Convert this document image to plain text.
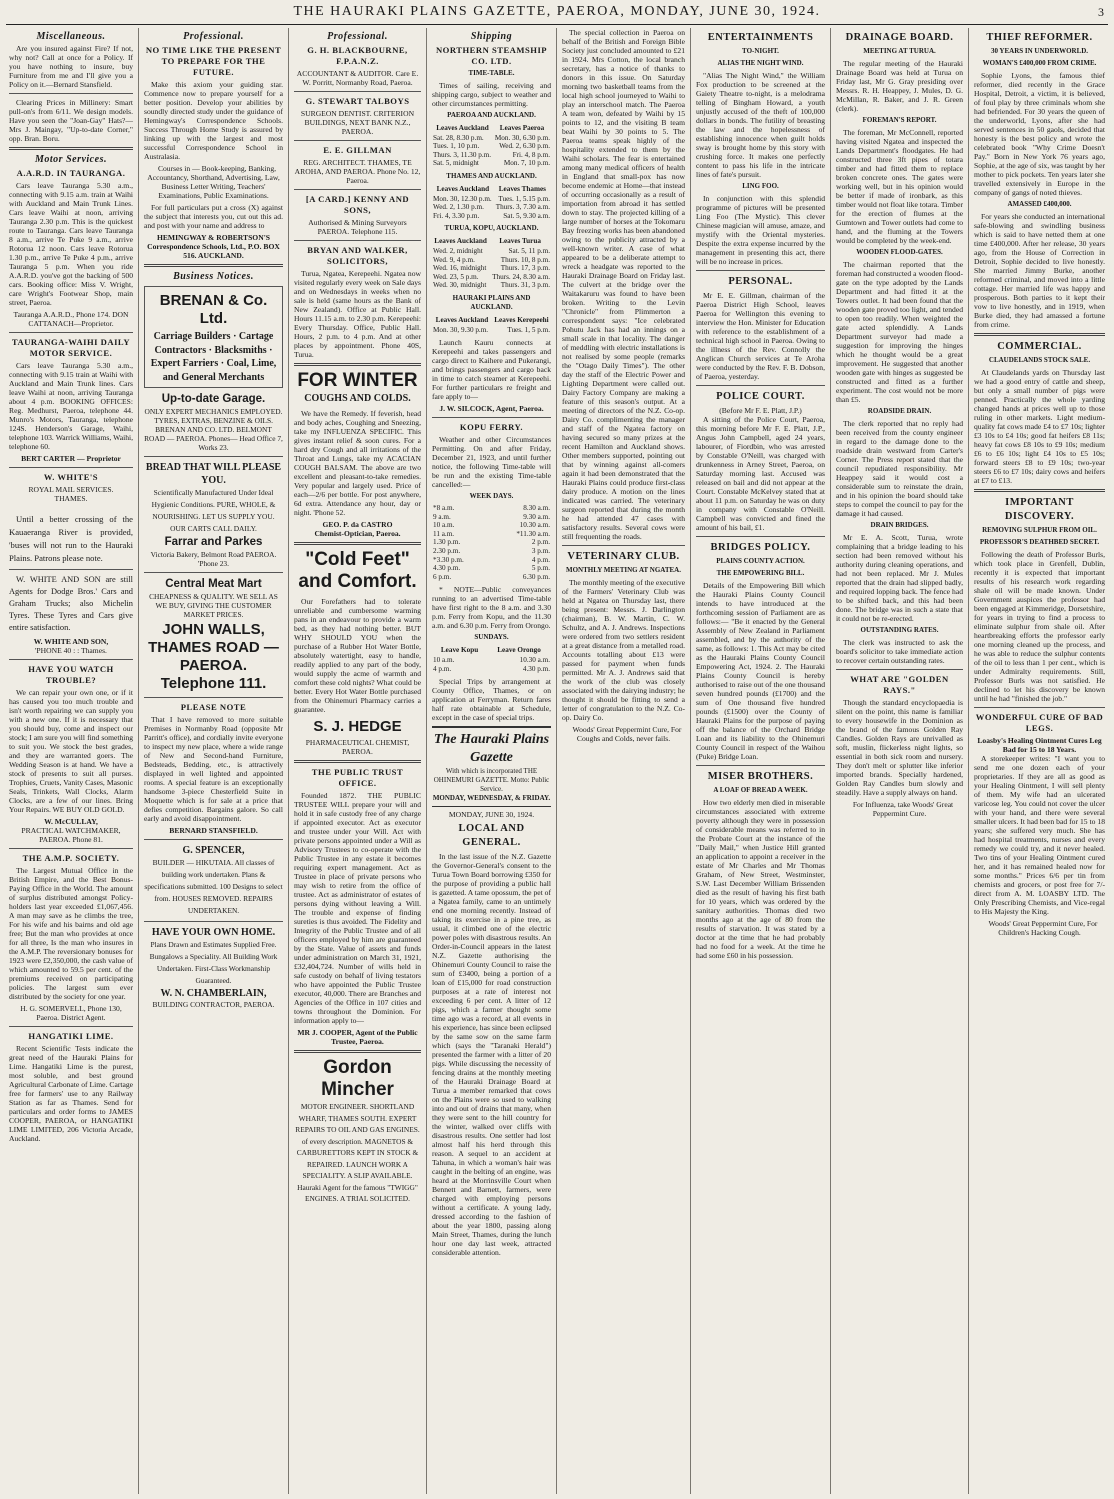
THE HAURAKI PLAINS GAZETTE, PAEROA, MONDAY, JUNE 30, 1924.	3
Miscellaneous.
Are you insured against Fire? If not, why not? Call at once for a Policy. If you have nothing to insure, buy Furniture from me and I'll give you a Policy on it.—Bernard Stansfield.
Clearing Prices in Millinery: Smart pull-on's from 6/11. We design models. Have you seen the "Joan-Gay" Hats?—Mrs J. Maingay, "Up-to-date Corner," opp. Bran. Boru.
Motor Services.
A.A.R.D. IN TAURANGA.
Cars leave Tauranga 5.30 a.m., connecting with 9.15 a.m. train at Waihi with Auckland and Main Trunk Lines. Cars leave Waihi at noon, arriving Tauranga 2.30 p.m. This is the quickest route to Tauranga. Cars leave Tauranga 8 a.m., arrive Te Puke 9 a.m., arrive Rotorua 12 noon. Cars leave Rotorua 1.30 p.m., arrive Te Puke 4 p.m., arrive Tauranga 5 p.m. When you ride A.A.R.D. you've got the backing of 500 cars. Booking office: Miss V. Wright, care Wright's Footwear Shop, main street, Paeroa.
Tauranga A.A.R.D., Phone 174. DON CATTANACH—Proprietor.
TAURANGA-WAIHI DAILY MOTOR SERVICE.
Cars leave Tauranga 5.30 a.m., connecting with 9.15 train at Waihi with Auckland and Main Trunk lines. Cars leave Waihi at noon, arriving Tauranga about 4 p.m. BOOKING OFFICES: Reg. Medhurst, Paeroa, telephone 44. Munro's Motors, Tauranga, telephone 124S. Henderson's Garage, Waihi, telephone 103. Warrick Williams, Waihi, telephone 60.
BERT CARTER — Proprietor
W. WHITE'S
ROYAL MAIL SERVICES.
THAMES.
Until a better crossing of the Kauaeranga River is provided, 'buses will not run to the Hauraki Plains. Patrons please note.
W. WHITE AND SON are still Agents for Dodge Bros.' Cars and Graham Trucks; also Michelin Tyres. These Tyres and Cars give entire satisfaction.
W. WHITE AND SON,
'PHONE 40 : : Thames.
HAVE YOU WATCH TROUBLE?
We can repair your own one, or if it has caused you too much trouble and isn't worth repairing we can supply you with a new one. If it is necessary that you should buy, come and inspect our stock; I am sure you will find something to suit you. We stock the best grades, and they are warranted goers. The Wedding Season is at hand. We have a stock of presents to suit all purses. Trophies, Cruets, Vanity Cases, Masonic Seals, Trinkets, Wall Clocks, Alarm Clocks, are a few of our lines. Bring Your Repairs. WE BUY OLD GOLD.
W. McCULLAY,
PRACTICAL WATCHMAKER, PAEROA. Phone 81.
THE A.M.P. SOCIETY.
The Largest Mutual Office in the British Empire, and the Best Bonus-Paying Office in the World. The amount of surplus distributed amongst Policy-holders last year exceeded £1,067,456. A man may save as he climbs the tree, For his wife and his bairns and old age free; But the man who provides at once for all three, Is the man who insures in the A.M.P. The reversionary bonuses for 1923 were £2,350,000, the cash value of which amounted to 59.5 per cent. of the premiums received on participating policies. The largest sum ever distributed by the society for one year.
H. G. SOMERVELL, Phone 130, Paeroa. District Agent.
HANGATIKI LIME.
Recent Scientific Tests indicate the great need of the Hauraki Plains for Lime. Hangatiki Lime is the purest, most soluble, and best ground Agricultural Carbonate of Lime. Cartage free for farmers' use to any Railway Station as far as Thames. Send for particulars and order forms to JAMES COOPER, PAEROA, or HANGATIKI LIME LIMITED, 206 Victoria Arcade, Auckland.
Professional.
NO TIME LIKE THE PRESENT TO PREPARE FOR THE FUTURE.
Make this axiom your guiding star. Commence now to prepare yourself for a better position. Develop your abilities by soundly directed study under the guidance of Hemingway's Correspondence Schools. Success Through Home Study is assured by linking up with the largest and most successful Correspondence School in Australasia.
Courses in — Book-keeping, Banking, Accountancy, Shorthand, Advertising, Law, Business Letter Writing, Teachers' Examinations, Public Examinations.
For full particulars put a cross (X) against the subject that interests you, cut out this ad. and post with your name and address to
HEMINGWAY & ROBERTSON'S Correspondence Schools, Ltd., P.O. BOX 516. AUCKLAND.
Business Notices.
BRENAN & Co. Ltd.
Carriage Builders · Cartage Contractors · Blacksmiths · Expert Farriers · Coal, Lime, and General Merchants
Up-to-date Garage.
ONLY EXPERT MECHANICS EMPLOYED. TYRES, EXTRAS, BENZINE & OILS.
BRENAN AND CO. LTD. BELMONT ROAD — PAEROA. Phones— Head Office 7, Works 23.
BREAD THAT WILL PLEASE YOU.
Scientifically Manufactured Under Ideal Hygienic Conditions. PURE, WHOLE, & NOURISHING. LET US SUPPLY YOU. OUR CARTS CALL DAILY.
Farrar and Parkes
Victoria Bakery, Belmont Road PAEROA. 'Phone 23.
Central Meat Mart
CHEAPNESS & QUALITY. WE SELL AS WE BUY, GIVING THE CUSTOMER MARKET PRICES.
JOHN WALLS, THAMES ROAD — PAEROA. Telephone 111.
PLEASE NOTE
That I have removed to more suitable Premises in Normanby Road (opposite Mr Parritt's office), and cordially invite everyone to inspect my new place, where a wide range of New and Second-hand Furniture, Bedsteads, Bedding, etc., is attractively displayed in well lighted and appointed rooms. A special feature is an exceptionally handsome 3-piece Chesterfield Suite in Moquette which is for sale at a price that defies competition. Bargains galore. So call early and avoid disappointment.
BERNARD STANSFIELD.
G. SPENCER,
BUILDER — HIKUTAIA. All classes of building work undertaken. Plans & specifications submitted. 100 Designs to select from. HOUSES REMOVED. REPAIRS UNDERTAKEN.
HAVE YOUR OWN HOME.
Plans Drawn and Estimates Supplied Free. Bungalows a Speciality. All Building Work Undertaken. First-Class Workmanship Guaranteed.
W. N. CHAMBERLAIN,
BUILDING CONTRACTOR, PAEROA.
Professional.
G. H. BLACKBOURNE, F.P.A.N.Z.
ACCOUNTANT & AUDITOR. Care E. W. Porritt, Normanby Road, Paeroa.
G. STEWART TALBOYS
SURGEON DENTIST. CRITERION BUILDINGS, NEXT BANK N.Z., PAEROA.
E. E. GILLMAN
REG. ARCHITECT. THAMES, TE AROHA, AND PAEROA. Phone No. 12, Paeroa.
[A CARD.] KENNY AND SONS,
Authorised & Mining Surveyors PAEROA. Telephone 115.
BRYAN AND WALKER, SOLICITORS,
Turua, Ngatea, Kerepeehi. Ngatea now visited regularly every week on Sale days and on Wednesdays in weeks when no sale is held (same hours as the Bank of New Zealand). Office at Public Hall. Hours 11.15 a.m. to 2.30 p.m. Kerepeehi: Every Thursday. Office, Public Hall. Hours, 2 p.m. to 4 p.m. And at other places by appointment. Phone 40S, Turua.
FOR WINTER
COUGHS AND COLDS.
We have the Remedy. If feverish, head and body aches, Coughing and Sneezing, take my INFLUENZA SPECIFIC. This gives instant relief & soon cures. For a hard dry Cough and all irritations of the Throat and Lungs, take my ACACIAN COUGH BALSAM. The above are two excellent and pleasant-to-take remedies. Very popular and largely used. Price of each—2/6 per bottle. For post anywhere, 6d extra. Attendance any hour, day or night. 'Phone 52.
GEO. P. da CASTRO
Chemist-Optician, Paeroa.
"Cold Feet" and Comfort.
Our Forefathers had to tolerate unreliable and cumbersome warming pans in an endeavour to provide a warm bed, as they had nothing better. BUT WHY SHOULD YOU when the purchase of a Rubber Hot Water Bottle, absolutely watertight, easy to handle, readily applied to any part of the body, would supply the acme of warmth and comfort these cold nights? What could be better. Every Hot Water Bottle purchased from the Ohinemuri Pharmacy carries a guarantee.
S. J. HEDGE
PHARMACEUTICAL CHEMIST, PAEROA.
THE PUBLIC TRUST OFFICE.
Founded 1872. THE PUBLIC TRUSTEE WILL prepare your will and hold it in safe custody free of any charge if appointed executor. Act as executor and trustee under your Will. Act with private persons appointed under a Will as Advisory Trustees to co-operate with the Public Trustee in any estate it becomes requiring expert management. Act as Trustee in place of private persons who may wish to retire from the office of trustee. Act as administrator of estates of persons dying without leaving a Will. The trouble and expense of finding sureties is thus avoided. The Fidelity and Integrity of the Public Trustee and of all officers employed by him are guaranteed by the State. Value of assets and funds under administration on March 31, 1921, £32,404,724. Number of wills held in safe custody on behalf of living testators who have appointed the Public Trustee executor, 40,000. There are Branches and Agencies of the Office in 107 cities and towns throughout the Dominion. For information apply to—
MR J. COOPER, Agent of the Public Trustee, Paeroa.
Gordon Mincher
MOTOR ENGINEER. SHORTLAND WHARF, THAMES SOUTH. EXPERT REPAIRS TO OIL AND GAS ENGINES. of every description. MAGNETOS & CARBURETTORS KEPT IN STOCK & REPAIRED. LAUNCH WORK A SPECIALITY. A SLIP AVAILABLE. Hauraki Agent for the famous "TWIGG" ENGINES. A TRIAL SOLICITED.
Shipping
NORTHERN STEAMSHIP CO. LTD.
TIME-TABLE.
Times of sailing, receiving and shipping cargo, subject to weather and other circumstances permitting.
PAEROA AND AUCKLAND.
Leaves Auckland	Leaves Paeroa
Sat. 28, 8.30 p.m.	Mon. 30, 6.30 p.m.
Tues. 1, 10 p.m.	Wed. 2, 6.30 p.m.
Thurs. 3, 11.30 p.m.	Fri. 4, 8 p.m.
Sat. 5, midnight	Mon. 7, 10 p.m.
THAMES AND AUCKLAND.
Leaves Auckland	Leaves Thames
Mon. 30, 12.30 p.m.	Tues. 1, 5.15 p.m.
Wed. 2, 1.30 p.m.	Thurs. 3, 7.30 a.m.
Fri. 4, 3.30 p.m.	Sat. 5, 9.30 a.m.
TURUA, KOPU, AUCKLAND.
Leaves Auckland	Leaves Turua
Wed. 2, midnight	Sat. 5, 11 p.m.
Wed. 9, 4 p.m.	Thurs. 10, 8 p.m.
Wed. 16, midnight	Thurs. 17, 3 p.m.
Wed. 23, 5 p.m.	Thurs. 24, 8.30 a.m.
Wed. 30, midnight	Thurs. 31, 3 p.m.
HAURAKI PLAINS AND AUCKLAND.
Leaves Auckland	Leaves Kerepeehi
Mon. 30, 9.30 p.m.	Tues. 1, 5 p.m.
Launch Kauru connects at Kerepeehi and takes passengers and cargo direct to Kaihere and Pukerangi, and brings passengers and cargo back in time to catch steamer at Kerepeehi. For further particulars re freight and fare apply to—
J. W. SILCOCK, Agent, Paeroa.
KOPU FERRY.
Weather and other Circumstances Permitting. On and after Friday, December 21, 1923, and until further notice, the following Time-table will be run and the existing Time-table cancelled:—
WEEK DAYS.
*8 a.m.	8.30 a.m.
9 a.m.	9.30 a.m.
10 a.m.	10.30 a.m.
11 a.m.	*11.30 a.m.
1.30 p.m.	2 p.m.
2.30 p.m.	3 p.m.
*3.30 p.m.	4 p.m.
4.30 p.m.	5 p.m.
6 p.m.	6.30 p.m.
* NOTE—Public conveyances running to an advertised Time-table have first right to the 8 a.m. and 3.30 p.m. Ferry from Kopu, and the 11.30 a.m. and 6.30 p.m. Ferry from Orongo.
SUNDAYS.
Leave Kopu	Leave Orongo
10 a.m.	10.30 a.m.
4 p.m.	4.30 p.m.
Special Trips by arrangement at County Office, Thames, or on application at Ferryman. Return fares half rate obtainable at Schedule, except in the case of special trips.
The Hauraki Plains Gazette
With which is incorporated THE OHINEMURI GAZETTE. Motto: Public Service.
MONDAY, WEDNESDAY, & FRIDAY.
MONDAY, JUNE 30, 1924.
LOCAL AND GENERAL.
In the last issue of the N.Z. Gazette the Governor-General's consent to the Turua Town Board borrowing £350 for the purpose of providing a public hall is gazetted. A tame opossum, the pet of a Ngatea family, came to an untimely end one morning recently. Instead of taking its exercise in a pine tree, as usual, it climbed one of the electric power poles with disastrous results. An Order-in-Council appears in the latest N.Z. Gazette authorising the Ohinemuri County Council to raise the sum of £3400, being a portion of a loan of £15,000 for road construction purposes at a rate of interest not exceeding 6 per cent. A litter of 12 pigs, which a farmer thought some time ago was a record, at all events in his experience, has since been eclipsed by the same sow on the same farm which (says the "Taranaki Herald") presented the farmer with a litter of 20 pigs. While discussing the necessity of fencing drains at the monthly meeting of the Hauraki Drainage Board at Turua a member remarked that cows on the Plains were so used to walking into and out of drains that many, when they were sent to the hill country for the winter, walked over cliffs with disastrous results. One settler had lost almost half his herd through this reason. A sequel to an accident at Tahuna, in which a woman's hair was caught in the belting of an engine, was heard at the Morrinsville Court when Bennett and Barnett, farmers, were charged with employing persons without a certificate. A young lady, dressed according to the fashion of about the year 1800, passing along Main Street, Thames, during the lunch hour one day last week, attracted considerable attention.
The special collection in Paeroa on behalf of the British and Foreign Bible Society just concluded amounted to £21 in 1924. Mrs Cotton, the local branch secretary, has a notice of thanks to donors in this issue. On Saturday morning two basketball teams from the local high school journeyed to Waihi to play an interschool match. The Paeroa A team won, defeated by Waihi by 15 points to 12, and the visiting B team beat Waihi by 30 points to 5. The Paeroa teams speak highly of the hospitality extended to them by the Waihi scholars. The fear is entertained among many medical officers of health in England that small-pox has now become endemic at Home—that instead of occurring occasionally as a result of importation from abroad it has settled down to stay. The projected killing of a large number of horses at the Tokomaru Bay freezing works has been abandoned owing to the publicity attracted by a well-known writer. A case of what appeared to be a deliberate attempt to wreck a headgate was reported to the Hauraki Drainage Board on Friday last. The culvert at the bridge over the Waitakaruru was found to have been broken. Writing to the Levin "Chronicle" from Plimmerton a correspondent says: "Ice celebrated Pohutu Jack has had an innings on a small scale in that locality. The danger of meddling with electric installations is not realised by some people (remarks the "Otago Daily Times"). The other day the staff of the Electric Power and Lighting Department were called out. Dairy Factory Company are making a feature of this season's output. At a meeting of directors of the N.Z. Co-op. Dairy Co. complimenting the manager and staff of the Ngatea factory on having secured so many prizes at the recent Hamilton and Auckland shows. Other members supported, pointing out that by winning against all-comers again it had been demonstrated that the Hauraki Plains could produce first-class dairy produce. A motion on the lines indicated was carried. The veterinary surgeon reported that during the month he had attended 47 cases with satisfactory results. Several cows were still frequenting the roads.
VETERINARY CLUB.
MONTHLY MEETING AT NGATEA.
The monthly meeting of the executive of the Farmers' Veterinary Club was held at Ngatea on Thursday last, there being present: Messrs. J. Darlington (chairman), B. W. Martin, C. W. Schultz, and A. J. Andrews. Inspections were ordered from two settlers resident at a great distance from a metalled road. Accounts totalling about £13 were passed for payment when funds permitted. Mr A. J. Andrews said that the work of the club was closely associated with the dairying industry; he thought it should be fitting to send a letter of congratulation to the N.Z. Co-op. Dairy Co.
Woods' Great Peppermint Cure, For Coughs and Colds, never fails.
ENTERTAINMENTS
TO-NIGHT.
ALIAS THE NIGHT WIND.
"Alias The Night Wind," the William Fox production to be screened at the Gaiety Theatre to-night, is a melodrama telling of Bingham Howard, a youth unjustly accused of the theft of 100,000 dollars in bonds. The futility of breasting the law and the hopelessness of establishing innocence when guilt holds sway is brought home by this story with crushing force. It makes one perfectly content to pass his life in the intricate lines of fate's pursuit.
LING FOO.
In conjunction with this splendid programme of pictures will be presented Ling Foo (The Mystic). This clever Chinese magician will amuse, amaze, and mystify with the Oriental mysteries. Despite the extra expense incurred by the management in presenting this act, there will be no increase in prices.
PERSONAL.
Mr E. E. Gillman, chairman of the Paeroa District High School, leaves Paeroa for Wellington this evening to interview the Hon. Minister for Education with reference to the establishment of a technical high school in Paeroa. Owing to the illness of the Rev. Connolly the Anglican Church services at Te Aroha were conducted by the Rev. F. B. Dobson, of Paeroa, yesterday.
POLICE COURT.
(Before Mr F. E. Platt, J.P.)
A sitting of the Police Court, Paeroa, this morning before Mr F. E. Platt, J.P., Angus John Campbell, aged 24 years, labourer, of Fiordbin, who was arrested by Constable O'Neill, was charged with drunkenness in Arney Street, Paeroa, on Saturday morning last. Accused was released on bail and did not appear at the Court. Constable McKelvey stated that at about 11 p.m. on Saturday he was on duty in company with Constable O'Neill. Campbell was convicted and fined the amount of his bail, £1.
BRIDGES POLICY.
PLAINS COUNTY ACTION.
THE EMPOWERING BILL.
Details of the Empowering Bill which the Hauraki Plains County Council intends to have introduced at the forthcoming session of Parliament are as follows:— "Be it enacted by the General Assembly of New Zealand in Parliament assembled, and by the authority of the same, as follows: 1. This Act may be cited as the Hauraki Plains County Council Empowering Act, 1924. 2. The Hauraki Plains County Council is hereby authorised to raise out of the one thousand seven hundred pounds (£1700) and the sum of One thousand five hundred pounds (£1500) over the County of Hauraki Plains for the purpose of paying off the balance of the Orchard Bridge Loan and its liability to the Ohinemuri County Council in respect of the Waihou (Puke) Bridge Loan.
MISER BROTHERS.
A LOAF OF BREAD A WEEK.
How two elderly men died in miserable circumstances associated with extreme poverty although they were in possession of considerable means was referred to in the Probate Court at the instance of the "Daily Mail," when Justice Hill granted an application to appoint a receiver in the estate of Mr Charles and Mr Thomas Graham, of New Street, Westminster, S.W. Last December William Brissenden died as the result of having his first bath for 10 years, which was ordered by the sanitary authorities. Thomas died two months ago at the age of 80 from the results of starvation. It was stated by a doctor at the time that he had probably had no food for a week. At the time he had some £60 in his possession.
DRAINAGE BOARD.
MEETING AT TURUA.
The regular meeting of the Hauraki Drainage Board was held at Turua on Friday last, Mr G. Gray presiding over Messrs. R. H. Heappey, J. Mules, D. G. McMillan, R. Baker, and J. R. Green (clerk).
FOREMAN'S REPORT.
The foreman, Mr McConnell, reported having visited Ngatea and inspected the Lands Department's floodgates. He had constructed three 3ft pipes of totara timber and had fitted them to replace broken concrete ones. The gates were working well, but in his opinion would be better if made of ironbark, as this timber would not float like totara. Timber for the erection of flumes at the Gumtown and Tower outlets had come to hand, and the fluming at the Towers would be completed by the week-end.
WOODEN FLOOD-GATES.
The chairman reported that the foreman had constructed a wooden flood-gate on the type adopted by the Lands Department and had fitted it at the Towers outlet. It had been found that the wooden gate proved too light, and tended to open too readily. When weighted the gate acted splendidly. A Lands Department surveyor had made a suggestion for improving the hinges which he thought would be a great improvement. He suggested that another wooden gate with hinges as suggested be constructed and fitted as a further experiment. The cost would not be more than £5.
ROADSIDE DRAIN.
The clerk reported that no reply had been received from the county engineer in regard to the damage done to the roadside drain westward from Carter's Corner. The Press report stated that the council repudiated responsibility. Mr Heappey said it would cost a considerable sum to reinstate the drain, and in his opinion the board should take steps to compel the council to pay for the damage it had caused.
DRAIN BRIDGES.
Mr E. A. Scott, Turua, wrote complaining that a bridge leading to his section had been removed without his authority during cleaning operations, and had not been replaced. Mr J. Mules reported that the drain had slipped badly, and required lopping back. The fence had to be shifted back, and this had been done. The bridge was in such a state that it could not be re-erected.
OUTSTANDING RATES.
The clerk was instructed to ask the board's solicitor to take immediate action to recover certain outstanding rates.
WHAT ARE "GOLDEN RAYS."
Though the standard encyclopaedia is silent on the point, this name is familiar to every housewife in the Dominion as the brand of the famous Golden Ray Candles. Golden Rays are unrivalled as soft, muslin, flickerless night lights, so essential in both sick room and nursery. They don't melt or splutter like inferior imported brands. Specially hardened, Golden Ray Candles burn slowly and steadily. Have a supply always on hand.
For Influenza, take Woods' Great Peppermint Cure.
THIEF REFORMER.
30 YEARS IN UNDERWORLD.
WOMAN'S £400,000 FROM CRIME.
Sophie Lyons, the famous thief reformer, died recently in the Grace Hospital, Detroit, a victim, it is believed, of foul play by three criminals whom she had befriended. For 30 years the queen of the underworld, Lyons, after she had served sentences in 50 gaols, decided that honesty is the best policy and wrote the celebrated book "Why Crime Doesn't Pay." Born in New York 76 years ago, Sophie, at the age of six, was taught by her mother to pick pockets. Ten years later she travelled extensively in Europe in the company of gangs of noted thieves.
AMASSED £400,000.
For years she conducted an international safe-blowing and swindling business which is said to have netted them at one time £400,000. After her release, 30 years ago, from the House of Correction in Detroit, Sophie decided to live honestly. She married Jimmy Burke, another reformed criminal, and moved into a little cottage. Her married life was happy and prosperous. Both parties to it kept their vow to live honestly, and in 1919, when Burke died, they had amassed a fortune from crime.
COMMERCIAL.
CLAUDELANDS STOCK SALE.
At Claudelands yards on Thursday last we had a good entry of cattle and sheep, but only a small number of pigs were penned. Practically the whole yarding changed hands at prices well up to those ruling in other markets. Light medium-quality fat cows made £4 to £7 10s; lighter £3 10s to £4 10s; good fat heifers £8 11s; heavy fat cows £8 10s to £9 10s; medium £6 to £6 10s; light £4 10s to £5 10s; forward steers £8 to £9 10s; two-year steers £6 to £7 10s; dairy cows and heifers at £7 to £13.
IMPORTANT DISCOVERY.
REMOVING SULPHUR FROM OIL.
PROFESSOR'S DEATHBED SECRET.
Following the death of Professor Burls, which took place in Grenfell, Dublin, recently it is expected that important results of his research work regarding shale oil will be made known. Under Government auspices the professor had been engaged at Kimmeridge, Dorsetshire, for years in trying to find a process to eliminate sulphur from shale oil. After heartbreaking efforts the professor early one morning cleaned up the process, and he was able to reduce the sulphur contents of the oil to less than 1 per cent., which is under Admiralty requirements. Still, Professor Burls was not satisfied. He declined to let his discovery be known until he had "finished the job."
WONDERFUL CURE OF BAD LEGS.
Loasby's Healing Ointment Cures Leg Bad for 15 to 18 Years.
A storekeeper writes: "I want you to send me one dozen each of your proprietaries. If they are all as good as your Healing Ointment, I will sell plenty of them. My wife had an ulcerated varicose leg. You could not cover the ulcer with your hand, and there were several smaller ulcers. It had been bad for 15 to 18 years; she suffered very much. She has had hospital treatments, nurses and every remedy we could try, and it never healed. Two tins of your Healing Ointment cured her, and it has remained healed now for some months." Prices 6/6 per tin from chemists and grocers, or post free for 7/- direct from A. M. LOASBY LTD. The Only Prescribing Chemists, and Vice-regal to His Majesty the King.
Woods' Great Peppermint Cure, For Children's Hacking Cough.
